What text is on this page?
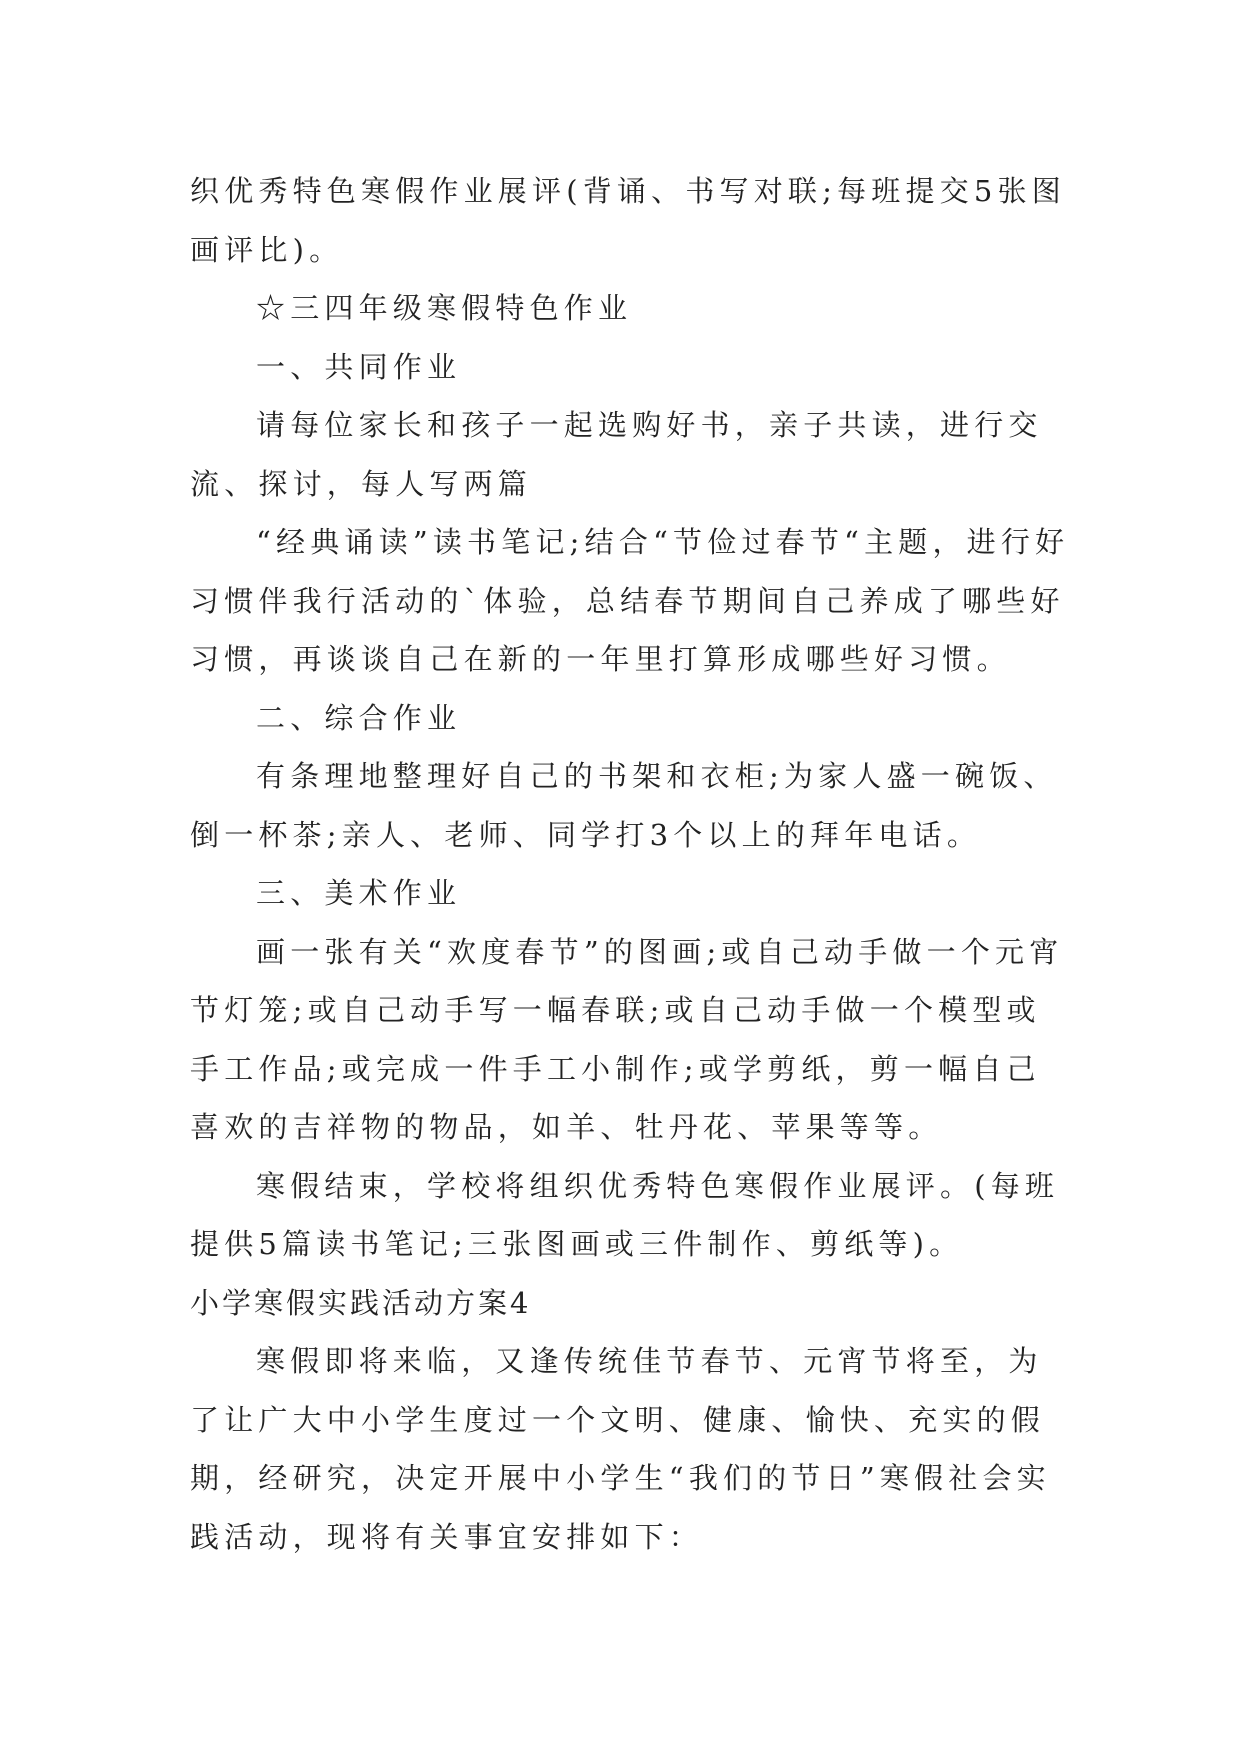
织优秀特色寒假作业展评(背诵、书写对联;每班提交5张图画评比)。

☆三四年级寒假特色作业

一、共同作业

请每位家长和孩子一起选购好书，亲子共读，进行交流、探讨，每人写两篇

“经典诵读”读书笔记;结合“节俭过春节“主题，进行好习惯伴我行活动的`体验，总结春节期间自己养成了哪些好习惯，再谈谈自己在新的一年里打算形成哪些好习惯。

二、综合作业

有条理地整理好自己的书架和衣柜;为家人盛一碗饭、倒一杯茶;亲人、老师、同学打3个以上的拜年电话。

三、美术作业

画一张有关“欢度春节”的图画;或自己动手做一个元宵节灯笼;或自己动手写一幅春联;或自己动手做一个模型或手工作品;或完成一件手工小制作;或学剪纸，剪一幅自己喜欢的吉祥物的物品，如羊、牡丹花、苹果等等。

寒假结束，学校将组织优秀特色寒假作业展评。(每班提供5篇读书笔记;三张图画或三件制作、剪纸等)。

小学寒假实践活动方案4

寒假即将来临，又逢传统佳节春节、元宵节将至，为了让广大中小学生度过一个文明、健康、愉快、充实的假期，经研究，决定开展中小学生“我们的节日”寒假社会实践活动，现将有关事宜安排如下：
